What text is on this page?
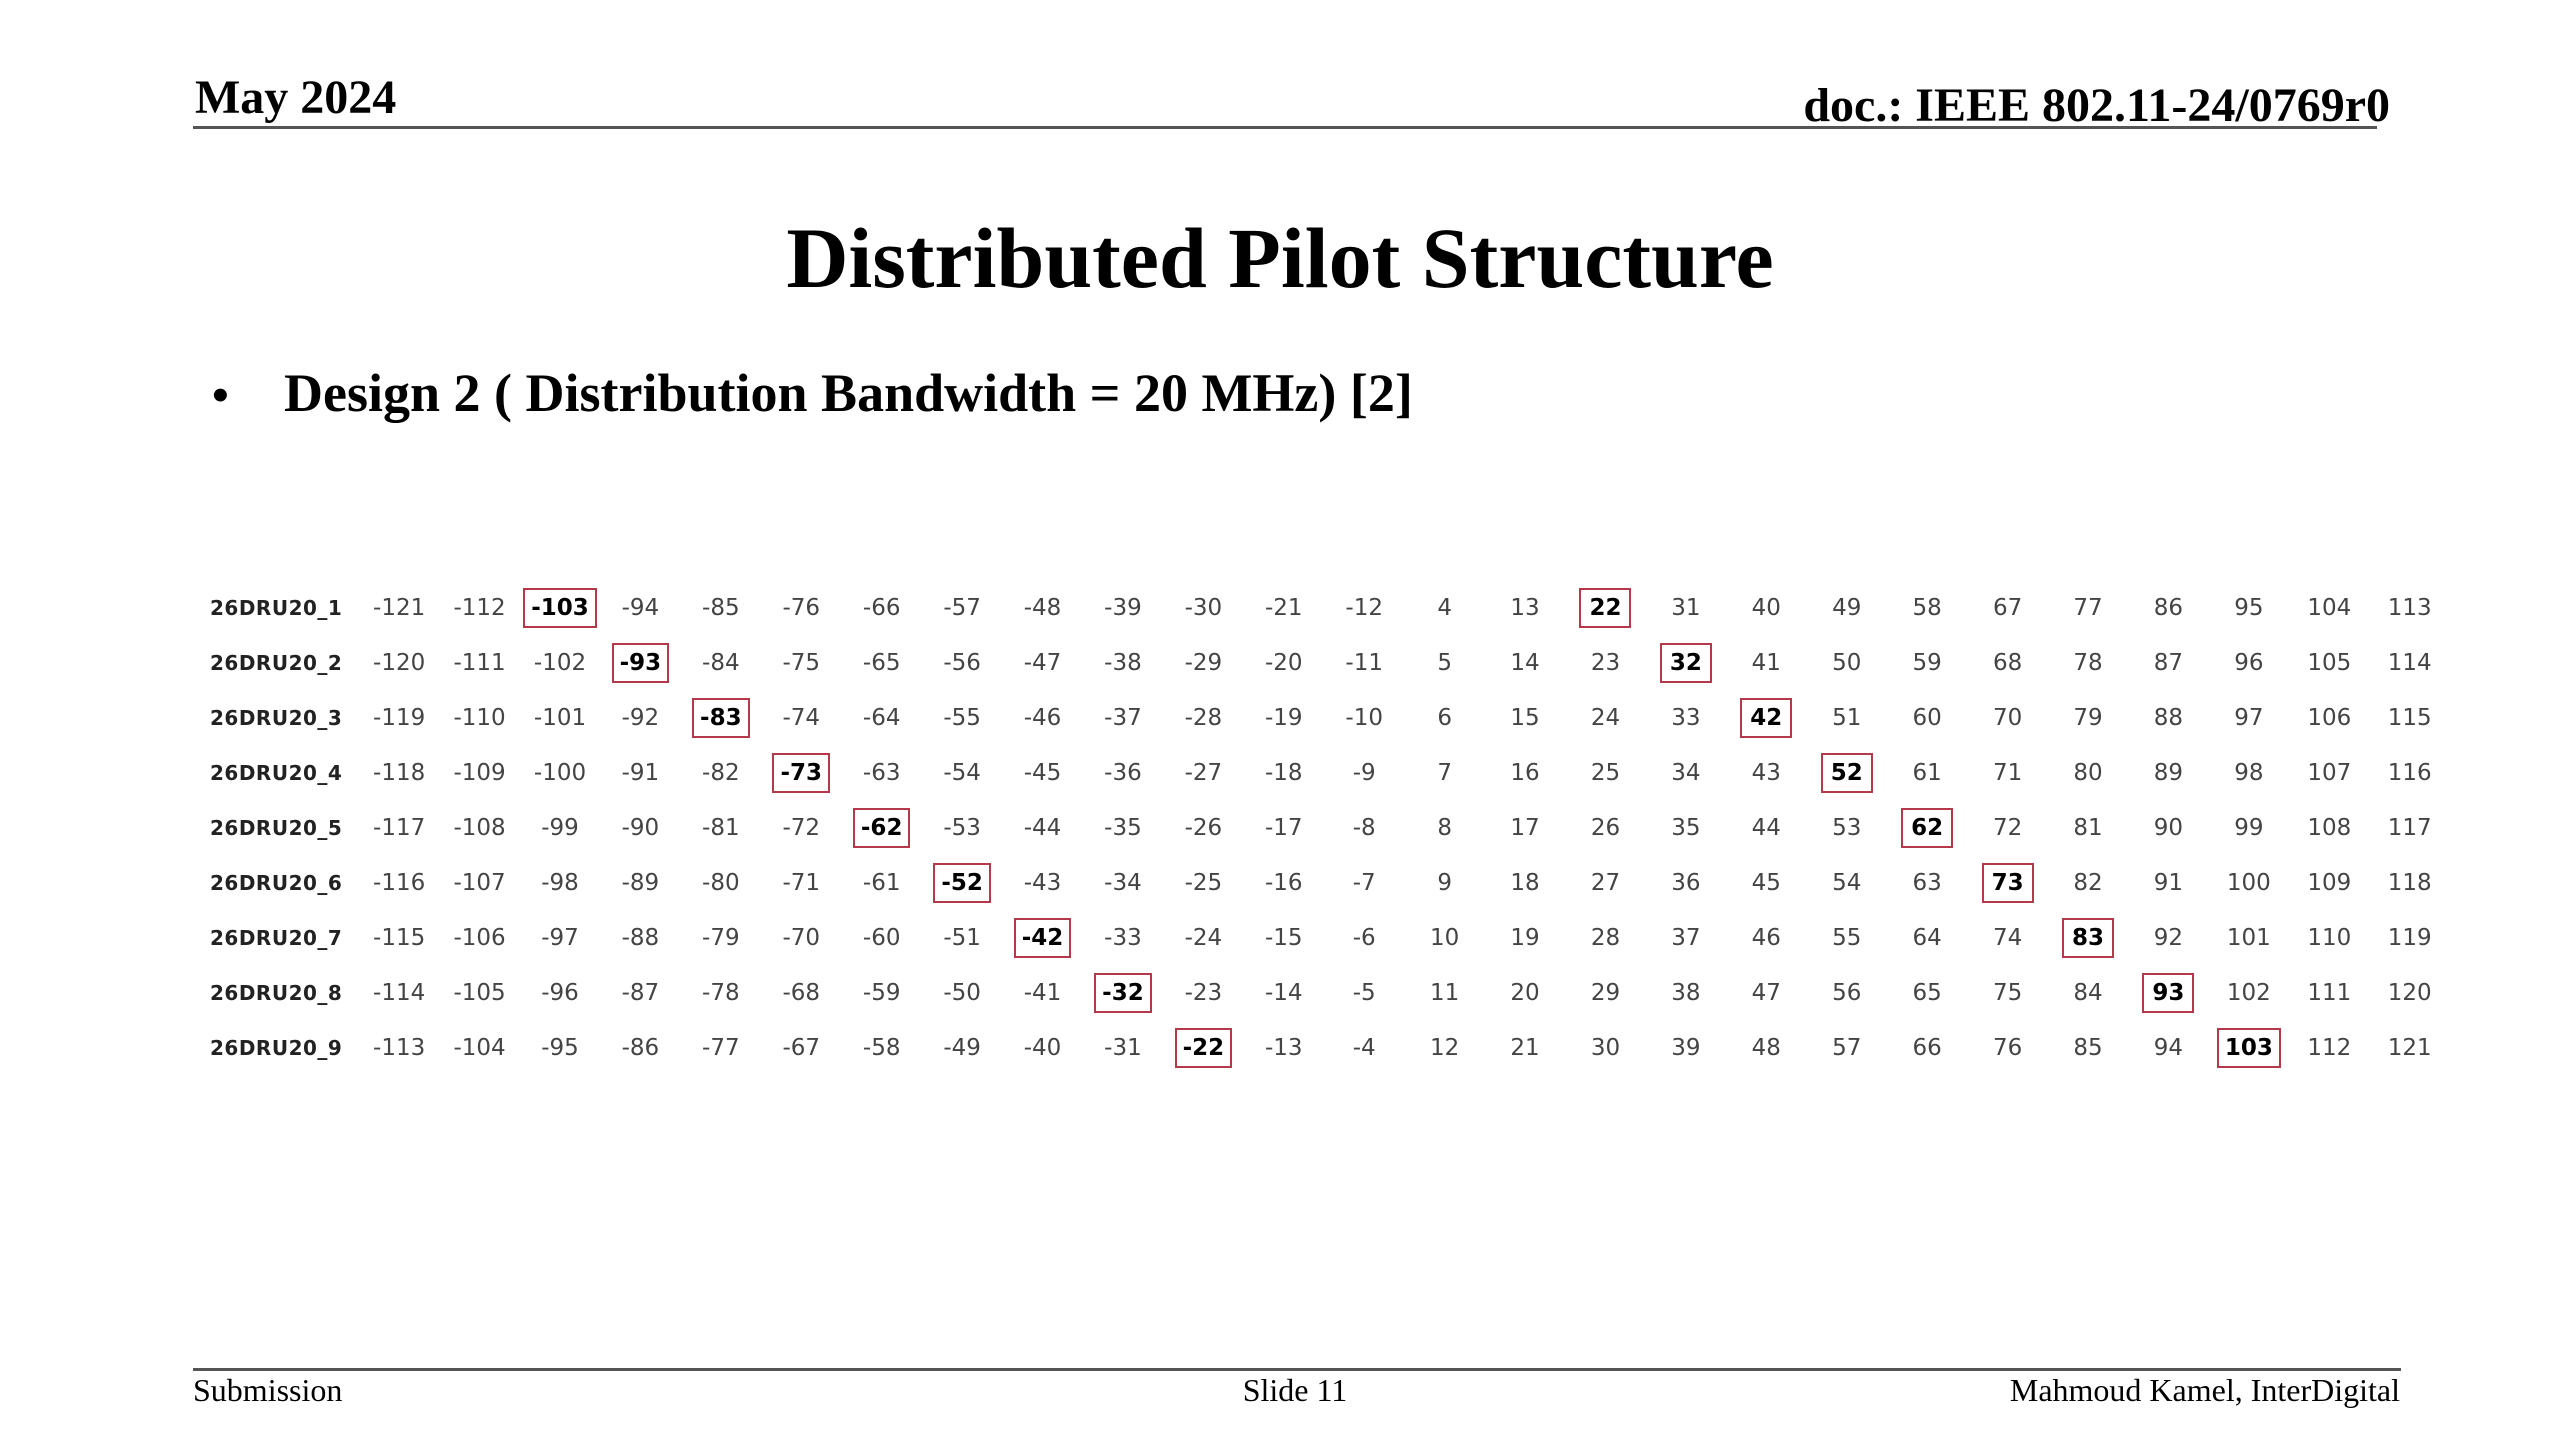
May 2024	doc.: IEEE 802.11-24/0769r0
Distributed Pilot Structure
•	Design 2 ( Distribution Bandwidth = 20 MHz) [2]
26DRU20_1	-121 -112	-103	-94 -85 -76 -66 -57 -48 -39 -30 -21 -12 4	13	22	31 40 49 58 67 77 86 95 104 113
26DRU20_2	-120 -111 -102	-93	-84 -75 -65 -56 -47 -38 -29 -20 -11 5	14 23	32	41 50 59 68 78 87 96 105 114
26DRU20_3	-119 -110 -101 -92	-83	-74 -64 -55 -46 -37 -28 -19 -10 6	15 24 33	42	51 60 70 79 88 97 106 115
26DRU20_4	-118 -109 -100 -91 -82	-73	-63 -54 -45 -36 -27 -18 -9	7	16 25 34 43	52	61 71 80 89 98 107 116
26DRU20_5	-117 -108 -99 -90 -81 -72	-62	-53 -44 -35 -26 -17 -8	8	17 26 35 44 53	62	72 81 90 99 108 117
26DRU20_6	-116 -107 -98 -89 -80 -71 -61	-52	-43 -34 -25 -16 -7	9	18 27 36 45 54 63	73	82 91 100 109 118
26DRU20_7	-115 -106 -97 -88 -79 -70 -60 -51	-42	-33 -24 -15 -6 10 19 28 37 46 55 64 74	83	92 101 110 119
26DRU20_8	-114 -105 -96 -87 -78 -68 -59 -50 -41	-32	-23 -14 -5 11 20 29 38 47 56 65 75 84	93	102 111 120
26DRU20_9	-113 -104 -95 -86 -77 -67 -58 -49 -40 -31	-22	-13 -4 12 21 30 39 48 57 66 76 85 94	103	112 121
Submission	Slide 11	Mahmoud Kamel, InterDigital
